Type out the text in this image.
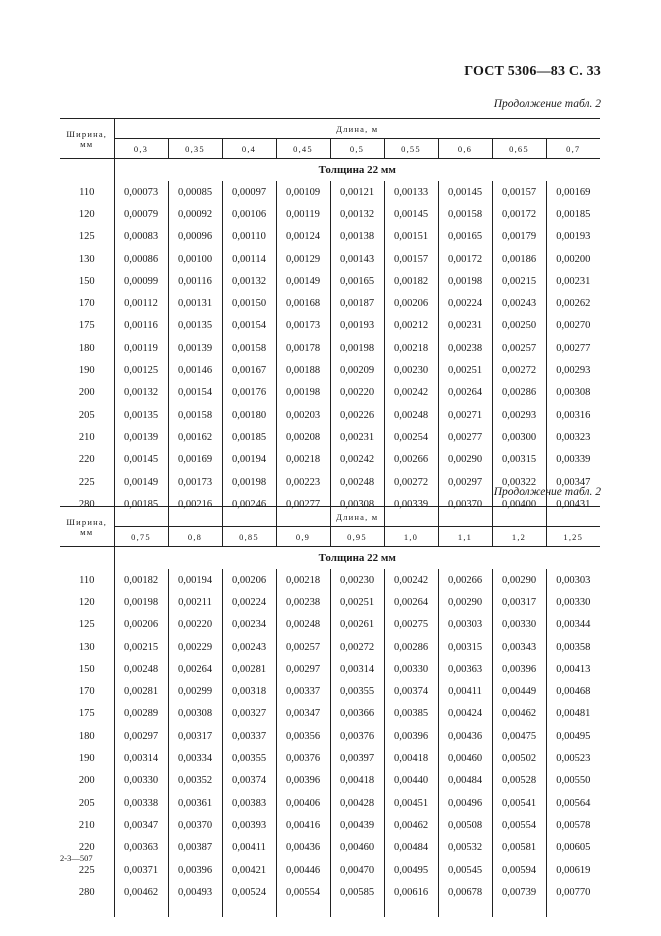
ГОСТ 5306—83 С. 33
Продолжение табл. 2
Ширина, мм	Длина, м								
	0,3	0,35	0,4	0,45	0,5	0,55	0,6	0,65	0,7
	Толщина 22 мм								
110	0,00073	0,00085	0,00097	0,00109	0,00121	0,00133	0,00145	0,00157	0,00169
120	0,00079	0,00092	0,00106	0,00119	0,00132	0,00145	0,00158	0,00172	0,00185
125	0,00083	0,00096	0,00110	0,00124	0,00138	0,00151	0,00165	0,00179	0,00193
130	0,00086	0,00100	0,00114	0,00129	0,00143	0,00157	0,00172	0,00186	0,00200
150	0,00099	0,00116	0,00132	0,00149	0,00165	0,00182	0,00198	0,00215	0,00231
170	0,00112	0,00131	0,00150	0,00168	0,00187	0,00206	0,00224	0,00243	0,00262
175	0,00116	0,00135	0,00154	0,00173	0,00193	0,00212	0,00231	0,00250	0,00270
180	0,00119	0,00139	0,00158	0,00178	0,00198	0,00218	0,00238	0,00257	0,00277
190	0,00125	0,00146	0,00167	0,00188	0,00209	0,00230	0,00251	0,00272	0,00293
200	0,00132	0,00154	0,00176	0,00198	0,00220	0,00242	0,00264	0,00286	0,00308
205	0,00135	0,00158	0,00180	0,00203	0,00226	0,00248	0,00271	0,00293	0,00316
210	0,00139	0,00162	0,00185	0,00208	0,00231	0,00254	0,00277	0,00300	0,00323
220	0,00145	0,00169	0,00194	0,00218	0,00242	0,00266	0,00290	0,00315	0,00339
225	0,00149	0,00173	0,00198	0,00223	0,00248	0,00272	0,00297	0,00322	0,00347
280	0,00185	0,00216	0,00246	0,00277	0,00308	0,00339	0,00370	0,00400	0,00431

Продолжение табл. 2
Ширина, мм	Длина, м								
	0,75	0,8	0,85	0,9	0,95	1,0	1,1	1,2	1,25
	Толщина 22 мм								
110	0,00182	0,00194	0,00206	0,00218	0,00230	0,00242	0,00266	0,00290	0,00303
120	0,00198	0,00211	0,00224	0,00238	0,00251	0,00264	0,00290	0,00317	0,00330
125	0,00206	0,00220	0,00234	0,00248	0,00261	0,00275	0,00303	0,00330	0,00344
130	0,00215	0,00229	0,00243	0,00257	0,00272	0,00286	0,00315	0,00343	0,00358
150	0,00248	0,00264	0,00281	0,00297	0,00314	0,00330	0,00363	0,00396	0,00413
170	0,00281	0,00299	0,00318	0,00337	0,00355	0,00374	0,00411	0,00449	0,00468
175	0,00289	0,00308	0,00327	0,00347	0,00366	0,00385	0,00424	0,00462	0,00481
180	0,00297	0,00317	0,00337	0,00356	0,00376	0,00396	0,00436	0,00475	0,00495
190	0,00314	0,00334	0,00355	0,00376	0,00397	0,00418	0,00460	0,00502	0,00523
200	0,00330	0,00352	0,00374	0,00396	0,00418	0,00440	0,00484	0,00528	0,00550
205	0,00338	0,00361	0,00383	0,00406	0,00428	0,00451	0,00496	0,00541	0,00564
210	0,00347	0,00370	0,00393	0,00416	0,00439	0,00462	0,00508	0,00554	0,00578
220	0,00363	0,00387	0,00411	0,00436	0,00460	0,00484	0,00532	0,00581	0,00605
225	0,00371	0,00396	0,00421	0,00446	0,00470	0,00495	0,00545	0,00594	0,00619
280	0,00462	0,00493	0,00524	0,00554	0,00585	0,00616	0,00678	0,00739	0,00770

2-3—507
